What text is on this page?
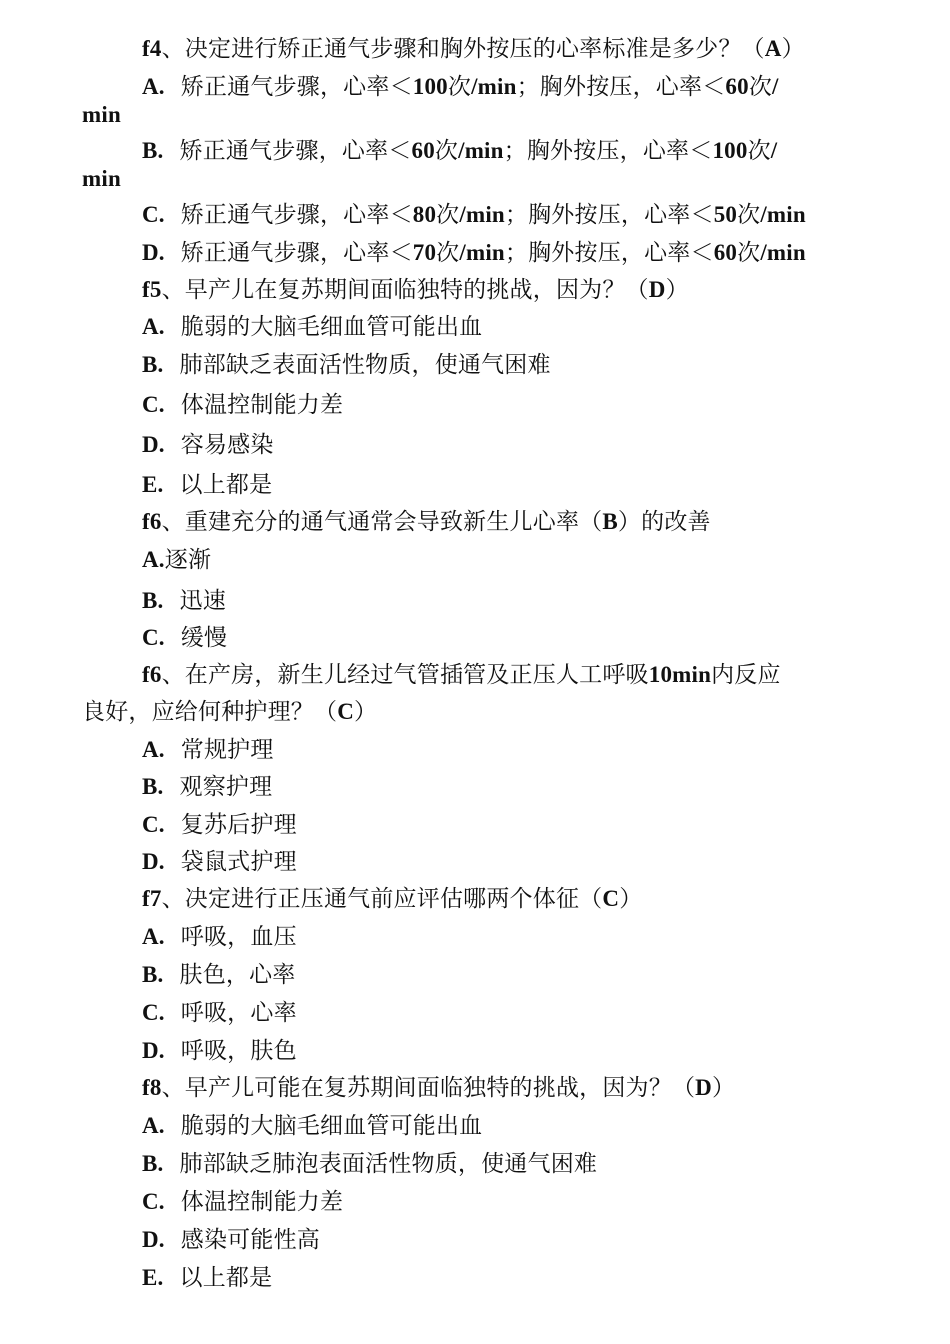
f4、决定进行矫正通气步骤和胸外按压的心率标准是多少？（A）
A. 矫正通气步骤，心率＜100次/min；胸外按压，心率＜60次/
min
B. 矫正通气步骤，心率＜60次/min；胸外按压，心率＜100次/
min
C. 矫正通气步骤，心率＜80次/min；胸外按压，心率＜50次/min
D. 矫正通气步骤，心率＜70次/min；胸外按压，心率＜60次/min
f5、早产儿在复苏期间面临独特的挑战，因为？（D）
A. 脆弱的大脑毛细血管可能出血
B. 肺部缺乏表面活性物质，使通气困难
C. 体温控制能力差
D. 容易感染
E. 以上都是
f6、重建充分的通气通常会导致新生儿心率（B）的改善
A.逐渐
B. 迅速
C. 缓慢
f6、在产房，新生儿经过气管插管及正压人工呼吸10min内反应
良好，应给何种护理？（C）
A. 常规护理
B. 观察护理
C. 复苏后护理
D. 袋鼠式护理
f7、决定进行正压通气前应评估哪两个体征（C）
A. 呼吸，血压
B. 肤色，心率
C. 呼吸，心率
D. 呼吸，肤色
f8、早产儿可能在复苏期间面临独特的挑战，因为？（D）
A. 脆弱的大脑毛细血管可能出血
B. 肺部缺乏肺泡表面活性物质，使通气困难
C. 体温控制能力差
D. 感染可能性高
E. 以上都是
